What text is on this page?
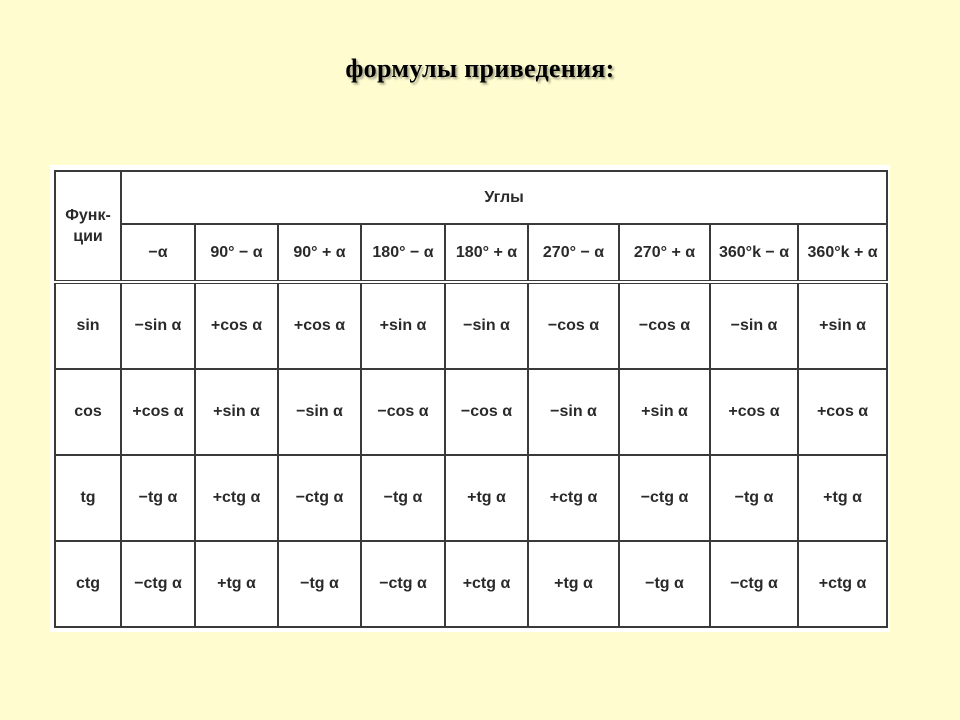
формулы приведения:
Функ-
ции	Углы								
	−α	90° − α	90° + α	180° − α	180° + α	270° − α	270° + α	360°k − α	360°k + α
sin	−sin α	+cos α	+cos α	+sin α	−sin α	−cos α	−cos α	−sin α	+sin α
cos	+cos α	+sin α	−sin α	−cos α	−cos α	−sin α	+sin α	+cos α	+cos α
tg	−tg α	+ctg α	−ctg α	−tg α	+tg α	+ctg α	−ctg α	−tg α	+tg α
ctg	−ctg α	+tg α	−tg α	−ctg α	+ctg α	+tg α	−tg α	−ctg α	+ctg α
